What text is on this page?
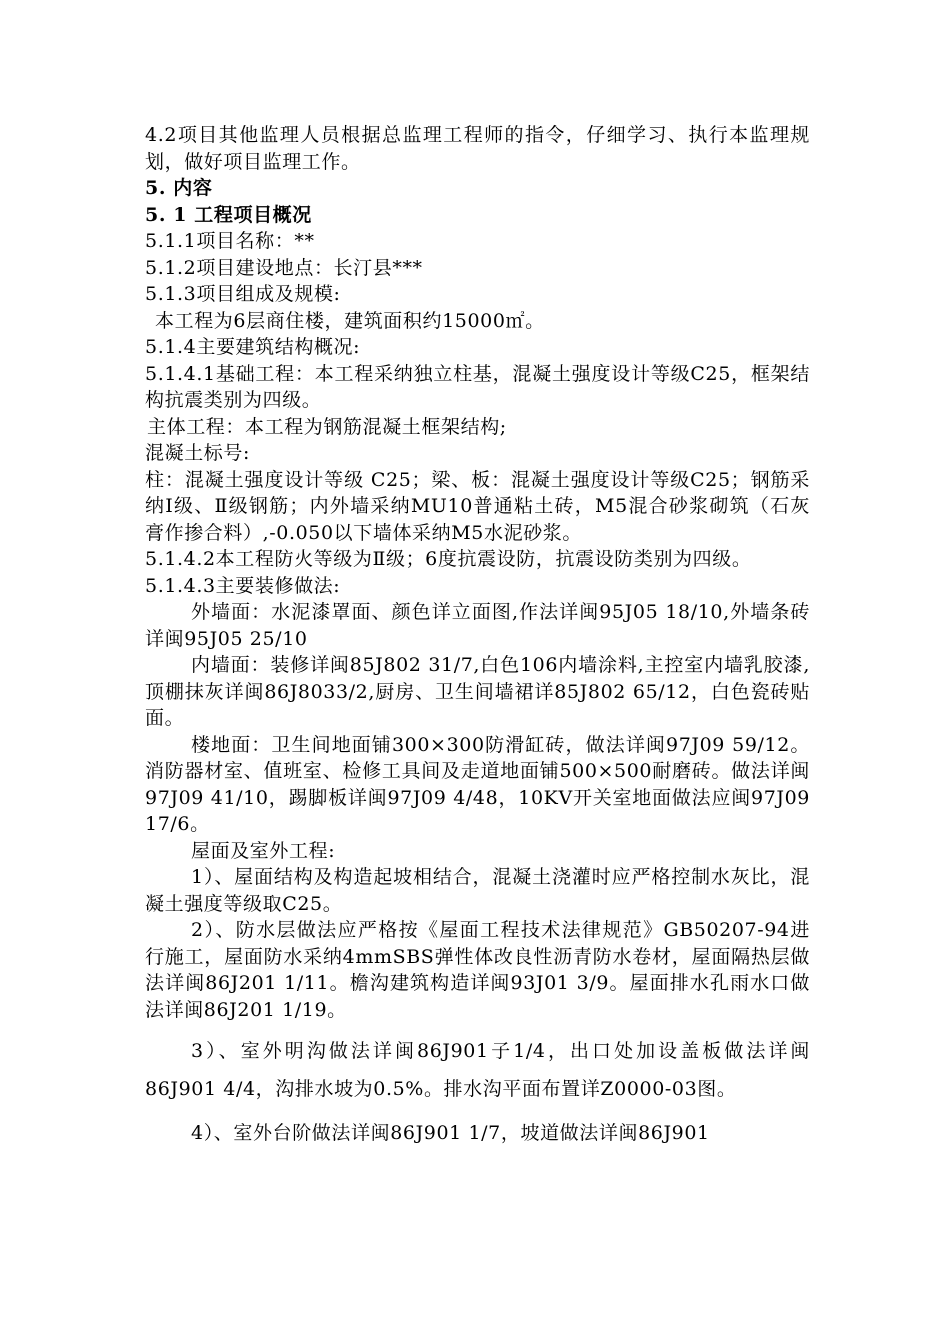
4.2项目其他监理人员根据总监理工程师的指令，仔细学习、执行本监理规划，做好项目监理工作。

5. 内容

5. 1 工程项目概况

5.1.1项目名称：**

5.1.2项目建设地点：长汀县***

5.1.3项目组成及规模:

本工程为6层商住楼，建筑面积约15000㎡。

5.1.4主要建筑结构概况:

5.1.4.1基础工程：本工程采纳独立柱基，混凝土强度设计等级C25，框架结构抗震类别为四级。

主体工程：本工程为钢筋混凝土框架结构;

混凝土标号:

柱：混凝土强度设计等级 C25；梁、板：混凝土强度设计等级C25；钢筋采纳Ⅰ级、Ⅱ级钢筋；内外墙采纳MU10普通粘土砖，M5混合砂浆砌筑（石灰膏作掺合料）,-0.050以下墙体采纳M5水泥砂浆。

5.1.4.2本工程防火等级为Ⅱ级；6度抗震设防，抗震设防类别为四级。

5.1.4.3主要装修做法:

外墙面：水泥漆罩面、颜色详立面图,作法详闽95J05 18/10,外墙条砖详闽95J05 25/10

内墙面：装修详闽85J802 31/7,白色106内墙涂料,主控室内墙乳胶漆,顶棚抹灰详闽86J8033/2,厨房、卫生间墙裙详85J802 65/12，白色瓷砖贴面。

楼地面：卫生间地面铺300×300防滑缸砖，做法详闽97J09 59/12。消防器材室、值班室、检修工具间及走道地面铺500×500耐磨砖。做法详闽97J09 41/10，踢脚板详闽97J09 4/48，10KV开关室地面做法应闽97J09 17/6。

屋面及室外工程:

1）、屋面结构及构造起坡相结合，混凝土浇灌时应严格控制水灰比，混凝土强度等级取C25。

2）、防水层做法应严格按《屋面工程技术法律规范》GB50207-94进行施工，屋面防水采纳4mmSBS弹性体改良性沥青防水卷材，屋面隔热层做法详闽86J201 1/11。檐沟建筑构造详闽93J01 3/9。屋面排水孔雨水口做法详闽86J201 1/19。

3）、室外明沟做法详闽86J901子1/4，出口处加设盖板做法详闽86J901 4/4，沟排水坡为0.5%。排水沟平面布置详Z0000-03图。

4）、室外台阶做法详闽86J901 1/7，坡道做法详闽86J901
